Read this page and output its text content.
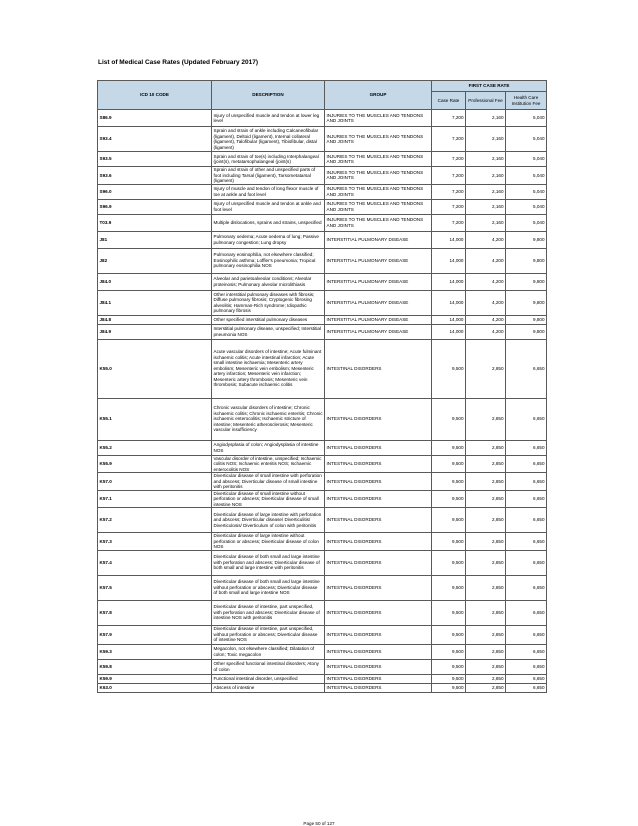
List of Medical Case Rates (Updated February 2017)
ICD 10 CODE	DESCRIPTION	GROUP	FIRST CASE RATE		
			Case Rate	Professional Fee	Health Care Institution Fee
S86.9	Injury of unspecified muscle and tendon at lower leg level	INJURIES TO THE MUSCLES AND TENDONS AND JOINTS	7,200	2,160	5,040
S93.4	Sprain and strain of ankle including Calcaneofibular (ligament), Deltoid (ligament), Internal collateral (ligament), Talofibular (ligament), Tibiofibular, distal (ligament)	INJURIES TO THE MUSCLES AND TENDONS AND JOINTS	7,200	2,160	5,040
S93.5	Sprain and strain of toe(s) including Interphalangeal (joint(s), metatarsophalangeal (joint(s)	INJURIES TO THE MUSCLES AND TENDONS AND JOINTS	7,200	2,160	5,040
S93.6	Sprain and strain of other and unspecified parts of foot including Tarsal (ligament), Tarsometatarsal (ligament)	INJURIES TO THE MUSCLES AND TENDONS AND JOINTS	7,200	2,160	5,040
S96.0	Injury of muscle and tendon of long flexor muscle of toe at ankle and foot level	INJURIES TO THE MUSCLES AND TENDONS AND JOINTS	7,200	2,160	5,040
S96.9	Injury of unspecified muscle and tendon at ankle and foot level	INJURIES TO THE MUSCLES AND TENDONS AND JOINTS	7,200	2,160	5,040
T03.9	Multiple dislocations, sprains and strains, unspecified	INJURIES TO THE MUSCLES AND TENDONS AND JOINTS	7,200	2,160	5,040
J81	Pulmonary oedema; Acute oedema of lung; Passive pulmonary congestion; Lung dropsy	INTERSTITIAL PULMONARY DISEASE	14,000	4,200	9,800
J82	Pulmonary eosinophilia, not elsewhere classified; Eosinophilic asthma; Loffler's pneumonia; Tropical pulmonary eosinophilia NOS	INTERSTITIAL PULMONARY DISEASE	14,000	4,200	9,800
J84.0	Alveolar and parietoalveolar conditions; Alveolar proteinosis; Pulmonary alveolar microlithiasis	INTERSTITIAL PULMONARY DISEASE	14,000	4,200	9,800
J84.1	Other interstitial pulmonary diseases with fibrosis; Diffuse pulmonary fibrosis; Cryptogenic fibrosing alveolitis; Hamman-Rich syndrome; Idiopathic pulmonary fibrosis	INTERSTITIAL PULMONARY DISEASE	14,000	4,200	9,800
J84.8	Other specified interstitial pulmonary diseases	INTERSTITIAL PULMONARY DISEASE	14,000	4,200	9,800
J84.9	Interstitial pulmonary disease, unspecified; Interstitial pneumonia NOS	INTERSTITIAL PULMONARY DISEASE	14,000	4,200	9,800
K55.0	Acute vascular disorders of intestine; Acute fulminant ischaemic colitis; Acute intestinal infarction; Acute small intestine ischaemia; Mesenteric artery embolism; Mesenteric vein embolism; Mesenteric artery infarction; Mesenteric vein infarction; Mesenteric artery thrombosis; Mesenteric vein thrombosis; Subacute ischaemic colitis	INTESTINAL DISORDERS	9,500	2,850	6,650
K55.1	Chronic vascular disorders of intestine; Chronic ischaemic colitis; Chronic ischaemic enteritis; Chronic ischaemic enterocolitis; Ischaemic stricture of intestine; Mesenteric atherosclerosis; Mesenteric vascular insufficiency	INTESTINAL DISORDERS	9,500	2,850	6,650
K55.2	Angiodysplasia of colon; Angiodysplasia of intestine NOS	INTESTINAL DISORDERS	9,500	2,850	6,650
K55.9	Vascular disorder of intestine, unspecified; Ischaemic colitis NOS; Ischaemic enteritis NOS; Ischaemic enterocolitis NOS	INTESTINAL DISORDERS	9,500	2,850	6,650
K57.0	Diverticular disease of small intestine with perforation and abscess; Diverticular disease of small intestine with peritonitis	INTESTINAL DISORDERS	9,500	2,850	6,650
K57.1	Diverticular disease of small intestine without perforation or abscess; Diverticular disease of small intestine NOS	INTESTINAL DISORDERS	9,500	2,850	6,650
K57.2	Diverticular disease of large intestine with perforation and abscess; Diverticular disease/ Diverticulitis/ Diverticulosis/ Diverticulum of colon with peritonitis	INTESTINAL DISORDERS	9,500	2,850	6,650
K57.3	Diverticular disease of large intestine without perforation or abscess; Diverticular disease of colon NOS	INTESTINAL DISORDERS	9,500	2,850	6,650
K57.4	Diverticular disease of both small and large intestine with perforation and abscess; Diverticular disease of both small and large intestine with peritonitis	INTESTINAL DISORDERS	9,500	2,850	6,650
K57.5	Diverticular disease of both small and large intestine without perforation or abscess; Diverticular disease of both small and large intestine NOS	INTESTINAL DISORDERS	9,500	2,850	6,650
K57.8	Diverticular disease of intestine, part unspecified, with perforation and abscess; Diverticular disease of intestine NOS with peritonitis	INTESTINAL DISORDERS	9,500	2,850	6,650
K57.9	Diverticular disease of intestine, part unspecified, without perforation or abscess; Diverticular disease of intestine NOS	INTESTINAL DISORDERS	9,500	2,850	6,650
K59.3	Megacolon, not elsewhere classified; Dilatation of colon; Toxic megacolon	INTESTINAL DISORDERS	9,500	2,850	6,650
K59.8	Other specified functional intestinal disorders; Atony of colon	INTESTINAL DISORDERS	9,500	2,850	6,650
K59.9	Functional intestinal disorder, unspecified	INTESTINAL DISORDERS	9,500	2,850	6,650
K63.0	Abscess of intestine	INTESTINAL DISORDERS	9,500	2,850	6,650
Page 50 of 127
